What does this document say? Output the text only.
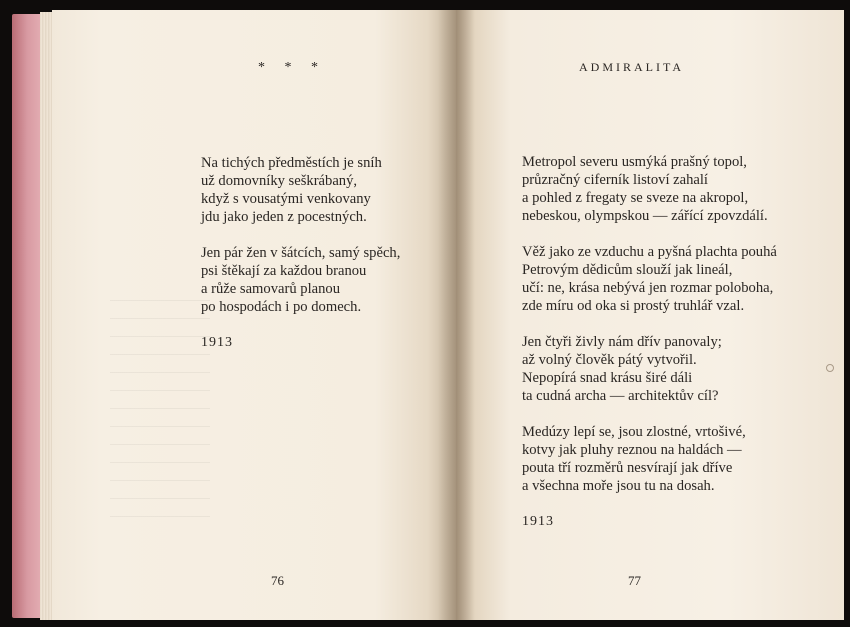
* * *	ADMIRALITA
Na tichých předměstích je sníh
už domovníky seškrábaný,
když s vousatými venkovany
jdu jako jeden z pocestných.
Jen pár žen v šátcích, samý spěch,
psi štěkají za každou branou
a růže samovarů planou
po hospodách i po domech.
1913
Metropol severu usmýká prašný topol,
průzračný ciferník listoví zahalí
a pohled z fregaty se sveze na akropol,
nebeskou, olympskou — zářící zpovzdálí.
Věž jako ze vzduchu a pyšná plachta pouhá
Petrovým dědicům slouží jak lineál,
učí: ne, krása nebývá jen rozmar poloboha,
zde míru od oka si prostý truhlář vzal.
Jen čtyři živly nám dřív panovaly;
až volný člověk pátý vytvořil.
Nepopírá snad krásu širé dáli
ta cudná archa — architektův cíl?
Medúzy lepí se, jsou zlostné, vrtošivé,
kotvy jak pluhy reznou na haldách —
pouta tří rozměrů nesvírají jak dříve
a všechna moře jsou tu na dosah.
1913
76	77
